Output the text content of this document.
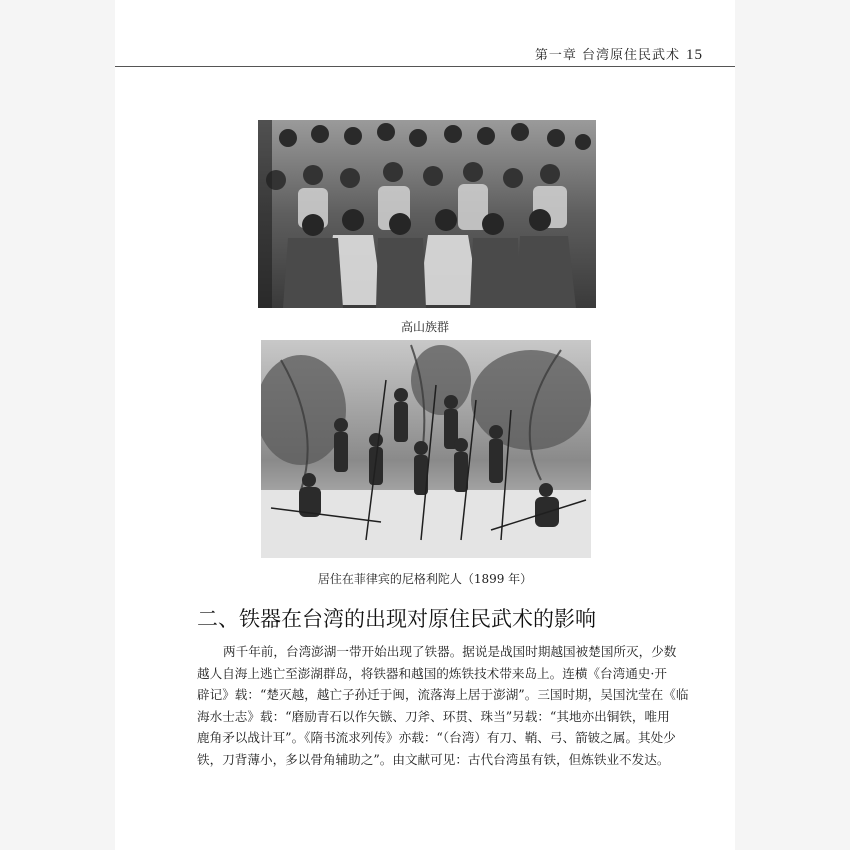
第一章 台湾原住民武术 15
高山族群
居住在菲律宾的尼格利陀人（1899 年）
二、铁器在台湾的出现对原住民武术的影响
两千年前，台湾澎湖一带开始出现了铁器。据说是战国时期越国被楚国所灭，少数
越人自海上逃亡至澎湖群岛，将铁器和越国的炼铁技术带来岛上。连横《台湾通史·开
辟记》载：“楚灭越，越亡子孙迁于闽，流落海上居于澎湖”。三国时期，吴国沈莹在《临
海水士志》载：“磨励青石以作矢镞、刀斧、环贯、珠当”另载：“其地亦出铜铁，唯用
鹿角矛以战计耳”。《隋书流求列传》亦载：“（台湾）有刀、鞘、弓、箭铍之属。其处少
铁，刀背薄小，多以骨角辅助之”。由文献可见：古代台湾虽有铁，但炼铁业不发达。
